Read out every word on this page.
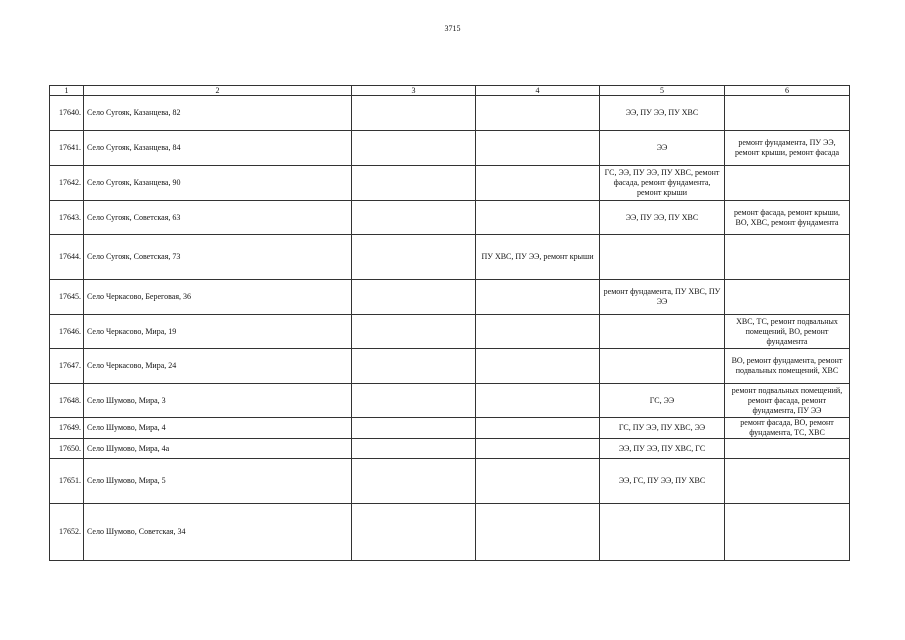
3715
1	2	3	4	5	6
17640.	Село Сугояк, Казанцева, 82			ЭЭ, ПУ ЭЭ, ПУ ХВС	
17641.	Село Сугояк, Казанцева, 84			ЭЭ	ремонт фундамента, ПУ ЭЭ, ремонт крыши, ремонт фасада
17642.	Село Сугояк, Казанцева, 90			ГС, ЭЭ, ПУ ЭЭ, ПУ ХВС, ремонт фасада, ремонт фундамента, ремонт крыши	
17643.	Село Сугояк, Советская, 63			ЭЭ, ПУ ЭЭ, ПУ ХВС	ремонт фасада, ремонт крыши, ВО, ХВС, ремонт фундамента
17644.	Село Сугояк, Советская, 73		ПУ ХВС, ПУ ЭЭ, ремонт крыши		
17645.	Село Черкасово, Береговая, 36			ремонт фундамента, ПУ ХВС, ПУ ЭЭ	
17646.	Село Черкасово, Мира, 19				ХВС, ТС, ремонт подвальных помещений, ВО, ремонт фундамента
17647.	Село Черкасово, Мира, 24				ВО, ремонт фундамента, ремонт подвальных помещений, ХВС
17648.	Село Шумово, Мира, 3			ГС, ЭЭ	ремонт подвальных помещений, ремонт фасада, ремонт фундамента, ПУ ЭЭ
17649.	Село Шумово, Мира, 4			ГС, ПУ ЭЭ, ПУ ХВС, ЭЭ	ремонт фасада, ВО, ремонт фундамента, ТС, ХВС
17650.	Село Шумово, Мира, 4а			ЭЭ, ПУ ЭЭ, ПУ ХВС, ГС	
17651.	Село Шумово, Мира, 5			ЭЭ, ГС, ПУ ЭЭ, ПУ ХВС	
17652.	Село Шумово, Советская, 34				
